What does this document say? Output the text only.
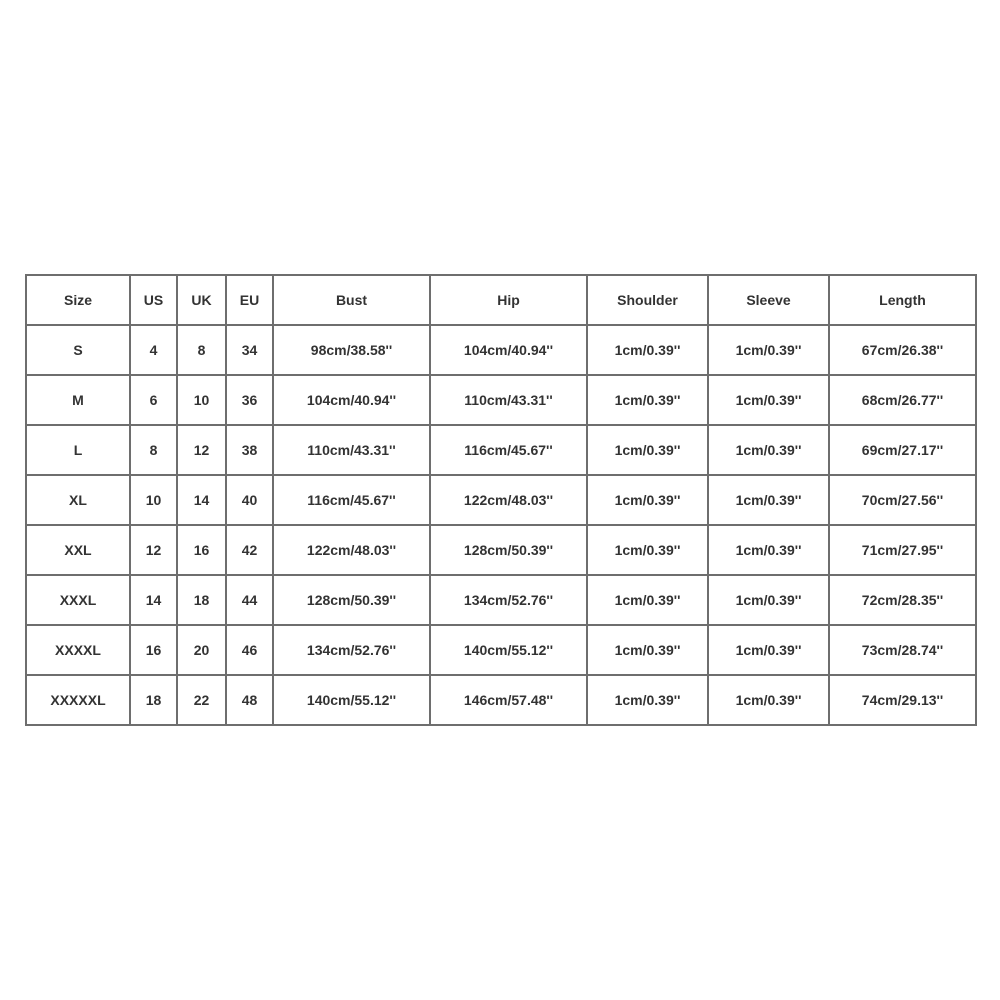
Size	US	UK	EU	Bust	Hip	Shoulder	Sleeve	Length
S	4	8	34	98cm/38.58''	104cm/40.94''	1cm/0.39''	1cm/0.39''	67cm/26.38''
M	6	10	36	104cm/40.94''	110cm/43.31''	1cm/0.39''	1cm/0.39''	68cm/26.77''
L	8	12	38	110cm/43.31''	116cm/45.67''	1cm/0.39''	1cm/0.39''	69cm/27.17''
XL	10	14	40	116cm/45.67''	122cm/48.03''	1cm/0.39''	1cm/0.39''	70cm/27.56''
XXL	12	16	42	122cm/48.03''	128cm/50.39''	1cm/0.39''	1cm/0.39''	71cm/27.95''
XXXL	14	18	44	128cm/50.39''	134cm/52.76''	1cm/0.39''	1cm/0.39''	72cm/28.35''
XXXXL	16	20	46	134cm/52.76''	140cm/55.12''	1cm/0.39''	1cm/0.39''	73cm/28.74''
XXXXXL	18	22	48	140cm/55.12''	146cm/57.48''	1cm/0.39''	1cm/0.39''	74cm/29.13''
